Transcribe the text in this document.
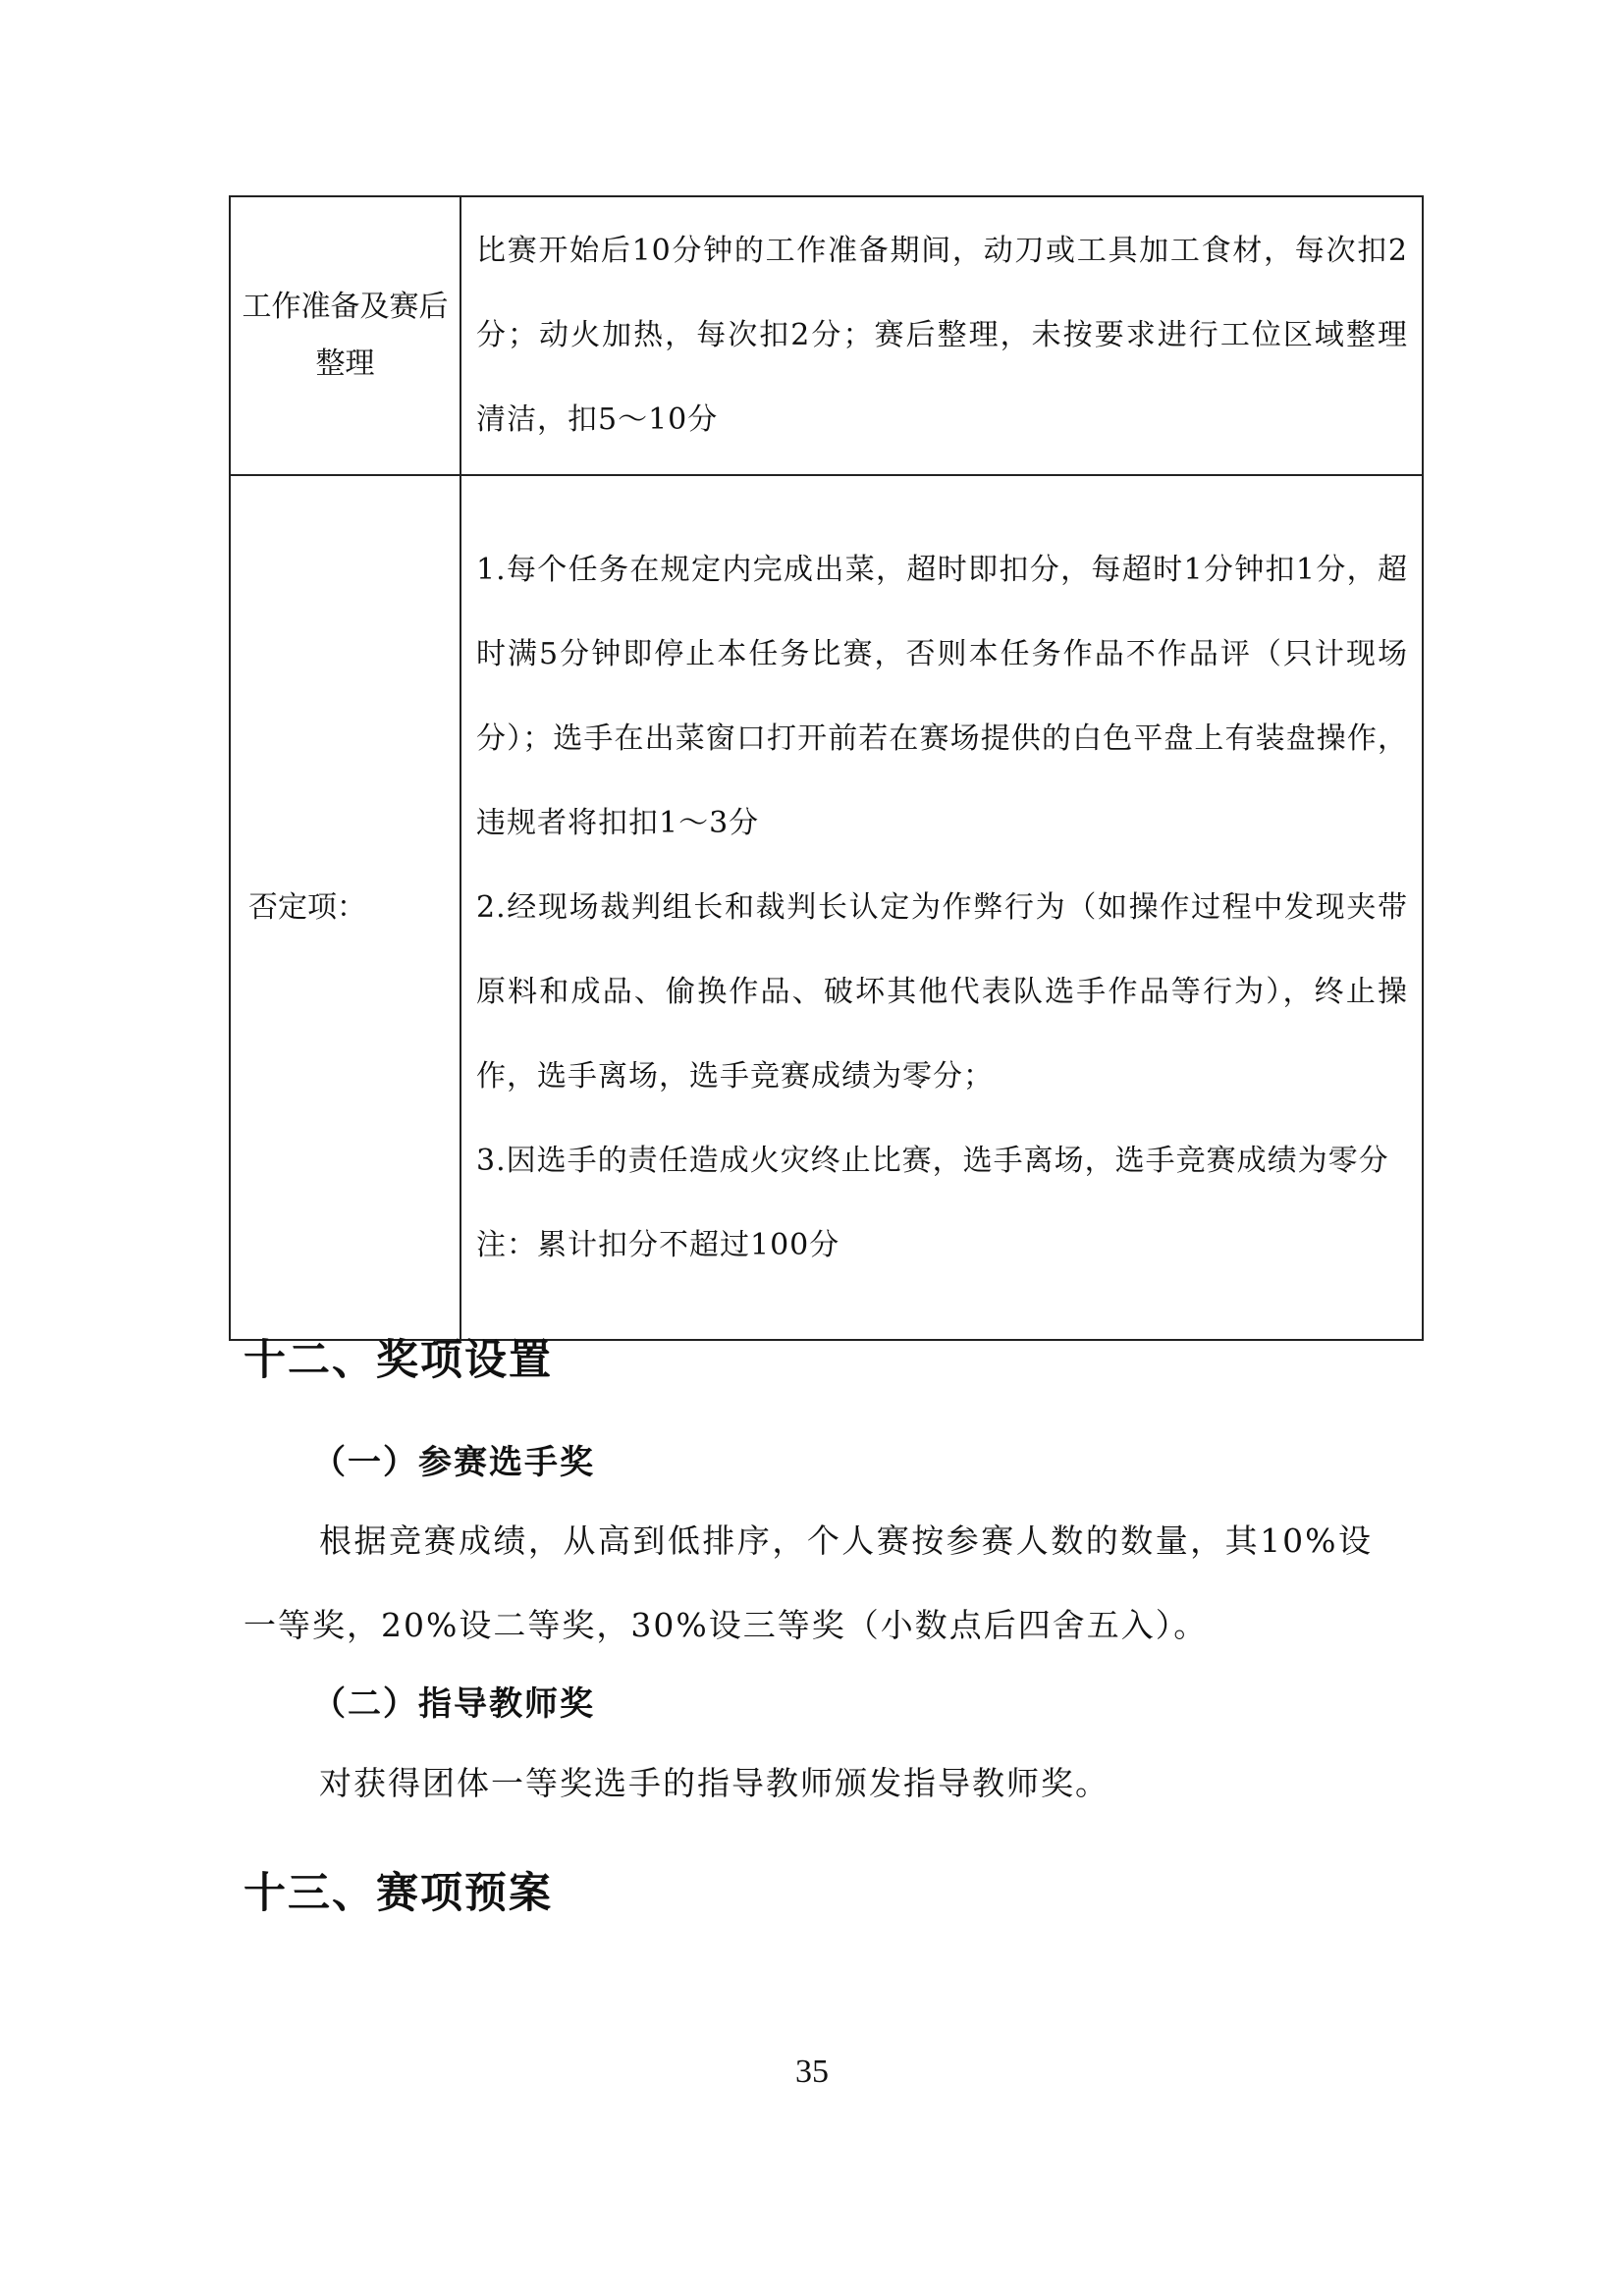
工作准备及赛后整理	比赛开始后10分钟的工作准备期间，动刀或工具加工食材，每次扣2分；动火加热，每次扣2分；赛后整理，未按要求进行工位区域整理清洁，扣5～10分

否定项：	1.每个任务在规定内完成出菜，超时即扣分，每超时1分钟扣1分，超时满5分钟即停止本任务比赛，否则本任务作品不作品评（只计现场分）；选手在出菜窗口打开前若在赛场提供的白色平盘上有装盘操作，违规者将扣扣1～3分
2.经现场裁判组长和裁判长认定为作弊行为（如操作过程中发现夹带原料和成品、偷换作品、破坏其他代表队选手作品等行为），终止操作，选手离场，选手竞赛成绩为零分；
3.因选手的责任造成火灾终止比赛，选手离场，选手竞赛成绩为零分
注：累计扣分不超过100分
十二、奖项设置
（一）参赛选手奖

根据竞赛成绩，从高到低排序，个人赛按参赛人数的数量，其10%设一等奖，20%设二等奖，30%设三等奖（小数点后四舍五入）。

（二）指导教师奖

对获得团体一等奖选手的指导教师颁发指导教师奖。

十三、赛项预案
35
